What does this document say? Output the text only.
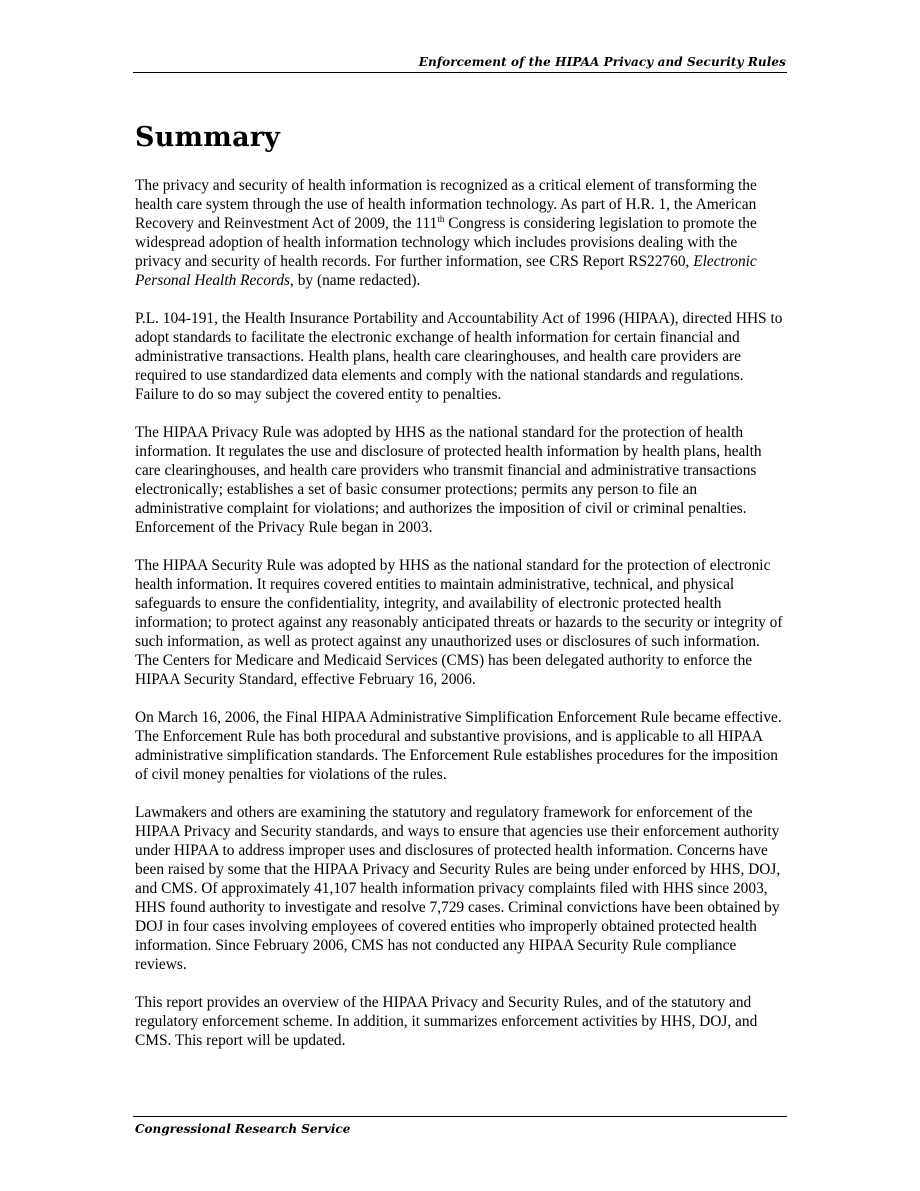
Enforcement of the HIPAA Privacy and Security Rules
Summary

The privacy and security of health information is recognized as a critical element of transforming the health care system through the use of health information technology. As part of H.R. 1, the American Recovery and Reinvestment Act of 2009, the 111th Congress is considering legislation to promote the widespread adoption of health information technology which includes provisions dealing with the privacy and security of health records. For further information, see CRS Report RS22760, Electronic Personal Health Records, by (name redacted).

P.L. 104-191, the Health Insurance Portability and Accountability Act of 1996 (HIPAA), directed HHS to adopt standards to facilitate the electronic exchange of health information for certain financial and administrative transactions. Health plans, health care clearinghouses, and health care providers are required to use standardized data elements and comply with the national standards and regulations. Failure to do so may subject the covered entity to penalties.

The HIPAA Privacy Rule was adopted by HHS as the national standard for the protection of health information. It regulates the use and disclosure of protected health information by health plans, health care clearinghouses, and health care providers who transmit financial and administrative transactions electronically; establishes a set of basic consumer protections; permits any person to file an administrative complaint for violations; and authorizes the imposition of civil or criminal penalties. Enforcement of the Privacy Rule began in 2003.

The HIPAA Security Rule was adopted by HHS as the national standard for the protection of electronic health information. It requires covered entities to maintain administrative, technical, and physical safeguards to ensure the confidentiality, integrity, and availability of electronic protected health information; to protect against any reasonably anticipated threats or hazards to the security or integrity of such information, as well as protect against any unauthorized uses or disclosures of such information. The Centers for Medicare and Medicaid Services (CMS) has been delegated authority to enforce the HIPAA Security Standard, effective February 16, 2006.

On March 16, 2006, the Final HIPAA Administrative Simplification Enforcement Rule became effective. The Enforcement Rule has both procedural and substantive provisions, and is applicable to all HIPAA administrative simplification standards. The Enforcement Rule establishes procedures for the imposition of civil money penalties for violations of the rules.

Lawmakers and others are examining the statutory and regulatory framework for enforcement of the HIPAA Privacy and Security standards, and ways to ensure that agencies use their enforcement authority under HIPAA to address improper uses and disclosures of protected health information. Concerns have been raised by some that the HIPAA Privacy and Security Rules are being under enforced by HHS, DOJ, and CMS. Of approximately 41,107 health information privacy complaints filed with HHS since 2003, HHS found authority to investigate and resolve 7,729 cases. Criminal convictions have been obtained by DOJ in four cases involving employees of covered entities who improperly obtained protected health information. Since February 2006, CMS has not conducted any HIPAA Security Rule compliance reviews.

This report provides an overview of the HIPAA Privacy and Security Rules, and of the statutory and regulatory enforcement scheme. In addition, it summarizes enforcement activities by HHS, DOJ, and CMS. This report will be updated.

Congressional Research Service
